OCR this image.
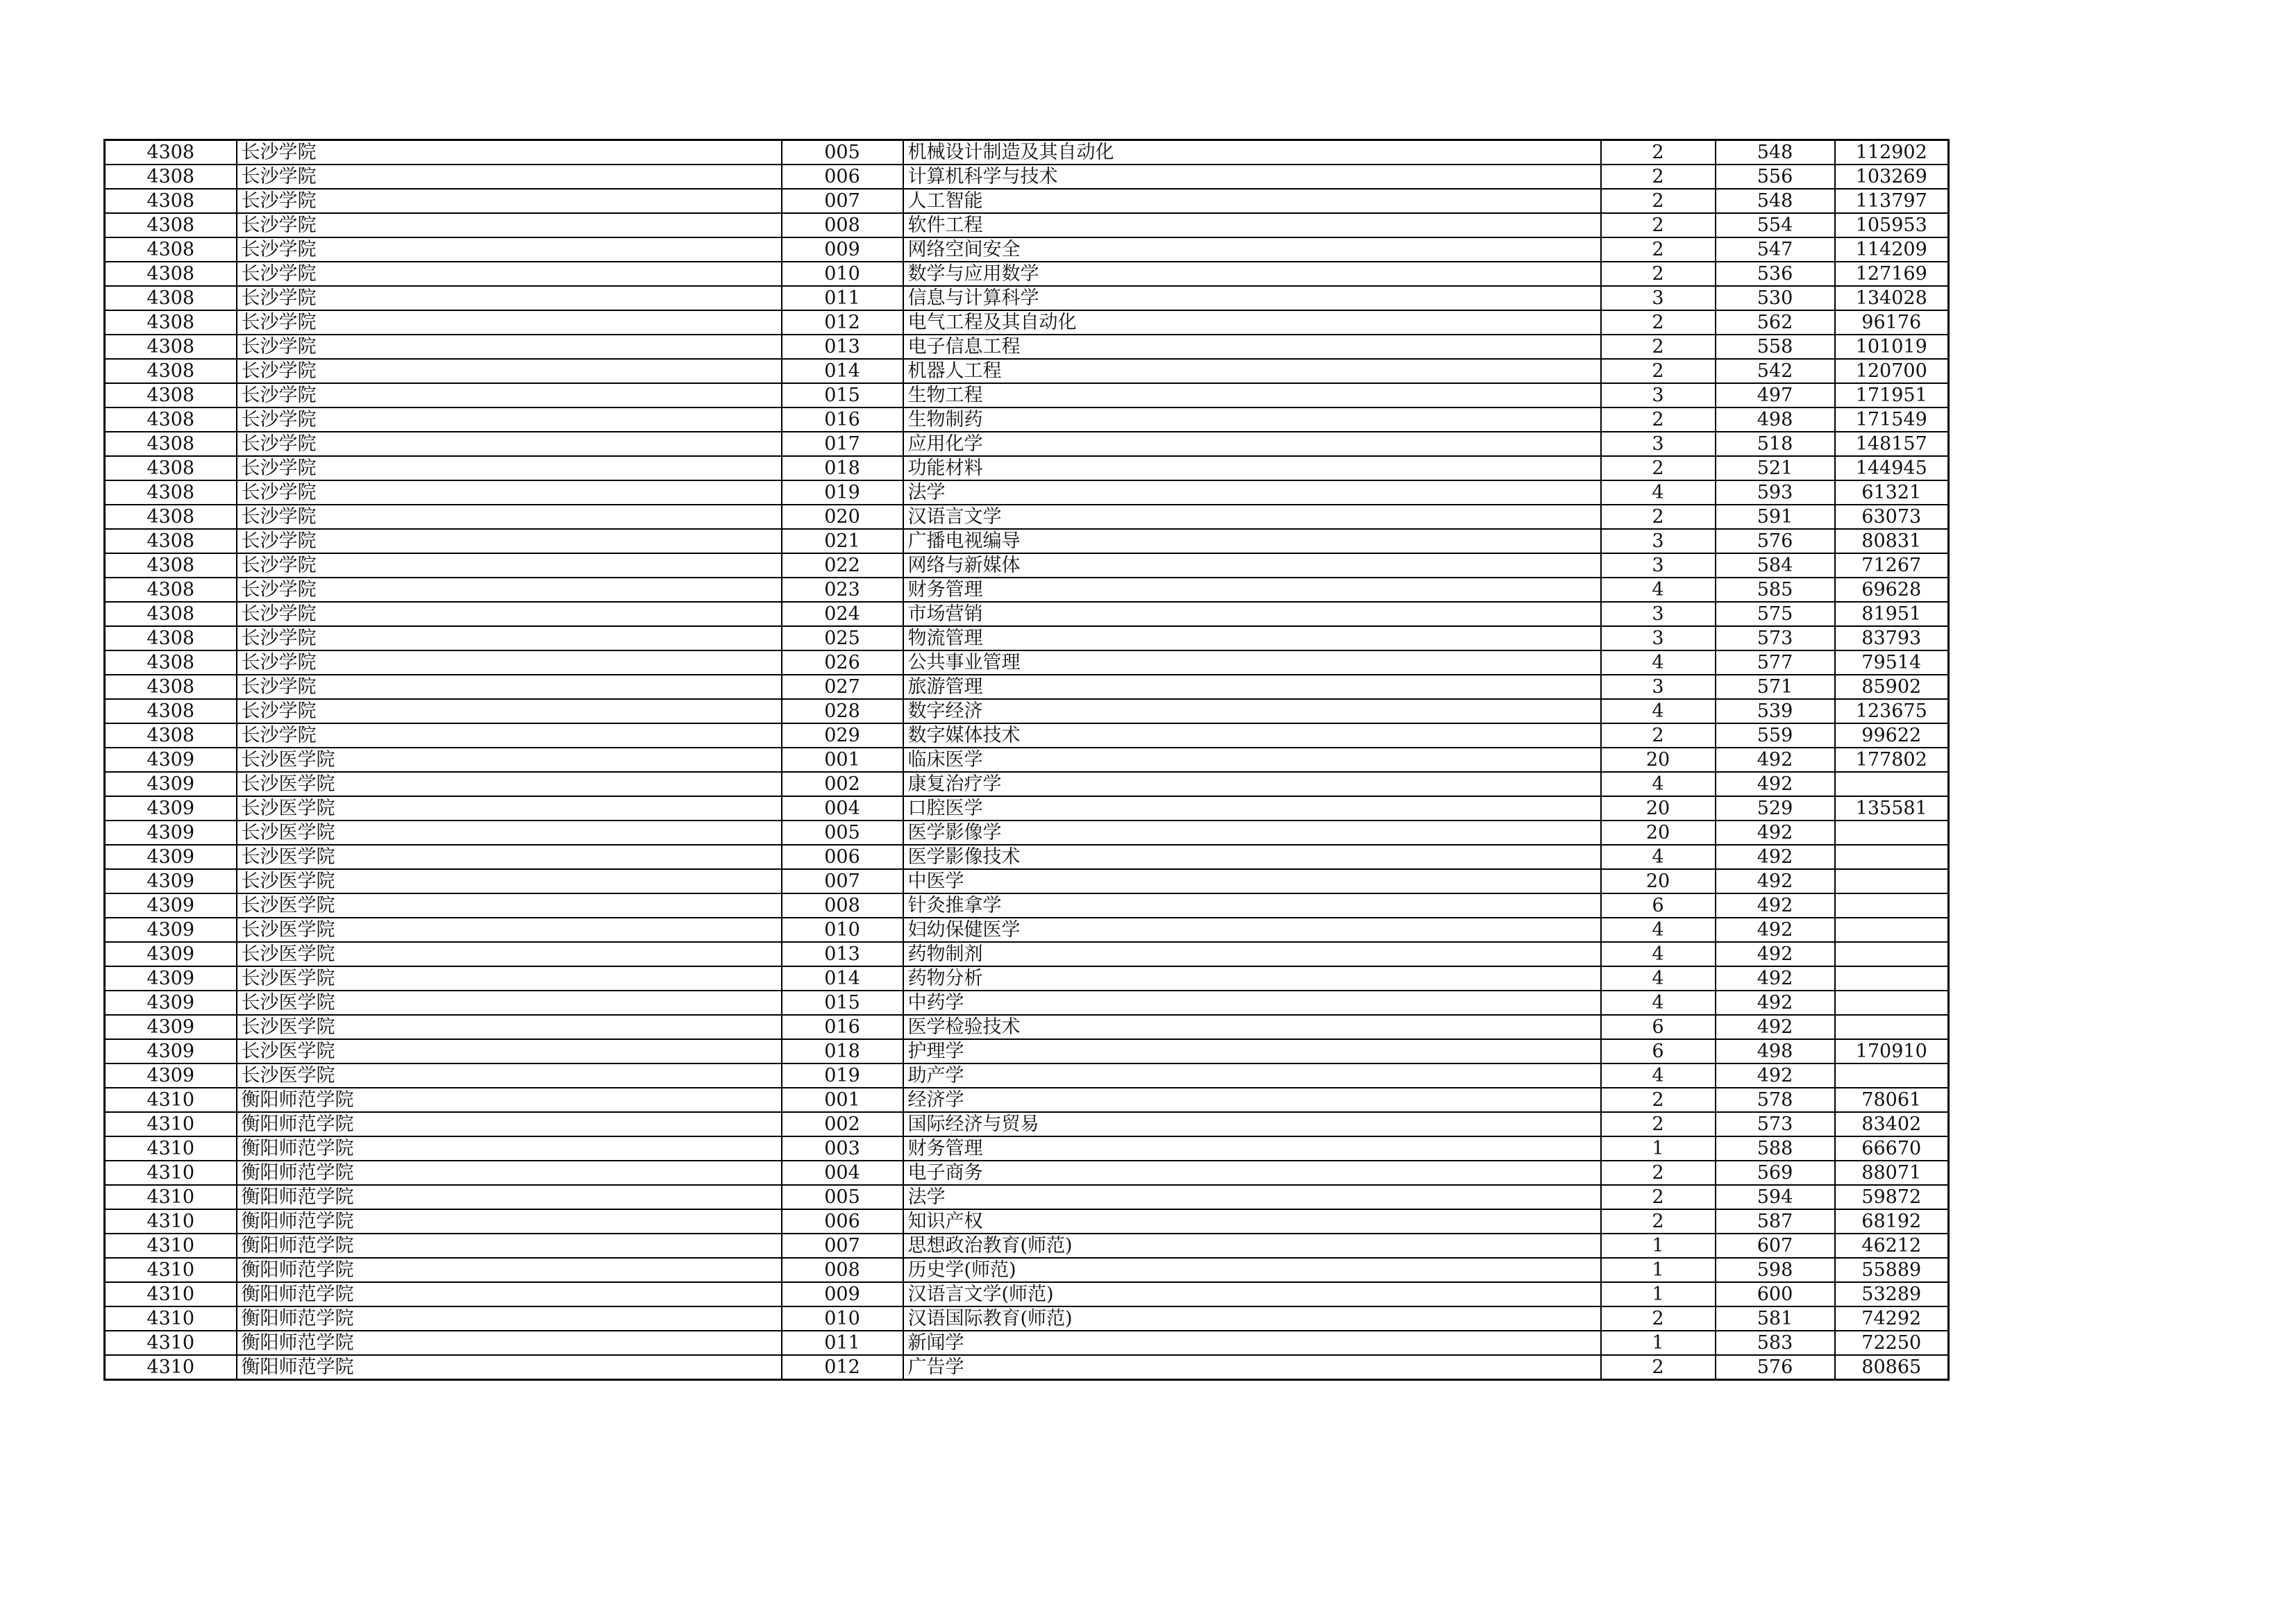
4308	长沙学院	005	机械设计制造及其自动化	2	548	112902
4308	长沙学院	006	计算机科学与技术	2	556	103269
4308	长沙学院	007	人工智能	2	548	113797
4308	长沙学院	008	软件工程	2	554	105953
4308	长沙学院	009	网络空间安全	2	547	114209
4308	长沙学院	010	数学与应用数学	2	536	127169
4308	长沙学院	011	信息与计算科学	3	530	134028
4308	长沙学院	012	电气工程及其自动化	2	562	96176
4308	长沙学院	013	电子信息工程	2	558	101019
4308	长沙学院	014	机器人工程	2	542	120700
4308	长沙学院	015	生物工程	3	497	171951
4308	长沙学院	016	生物制药	2	498	171549
4308	长沙学院	017	应用化学	3	518	148157
4308	长沙学院	018	功能材料	2	521	144945
4308	长沙学院	019	法学	4	593	61321
4308	长沙学院	020	汉语言文学	2	591	63073
4308	长沙学院	021	广播电视编导	3	576	80831
4308	长沙学院	022	网络与新媒体	3	584	71267
4308	长沙学院	023	财务管理	4	585	69628
4308	长沙学院	024	市场营销	3	575	81951
4308	长沙学院	025	物流管理	3	573	83793
4308	长沙学院	026	公共事业管理	4	577	79514
4308	长沙学院	027	旅游管理	3	571	85902
4308	长沙学院	028	数字经济	4	539	123675
4308	长沙学院	029	数字媒体技术	2	559	99622
4309	长沙医学院	001	临床医学	20	492	177802
4309	长沙医学院	002	康复治疗学	4	492	
4309	长沙医学院	004	口腔医学	20	529	135581
4309	长沙医学院	005	医学影像学	20	492	
4309	长沙医学院	006	医学影像技术	4	492	
4309	长沙医学院	007	中医学	20	492	
4309	长沙医学院	008	针灸推拿学	6	492	
4309	长沙医学院	010	妇幼保健医学	4	492	
4309	长沙医学院	013	药物制剂	4	492	
4309	长沙医学院	014	药物分析	4	492	
4309	长沙医学院	015	中药学	4	492	
4309	长沙医学院	016	医学检验技术	6	492	
4309	长沙医学院	018	护理学	6	498	170910
4309	长沙医学院	019	助产学	4	492	
4310	衡阳师范学院	001	经济学	2	578	78061
4310	衡阳师范学院	002	国际经济与贸易	2	573	83402
4310	衡阳师范学院	003	财务管理	1	588	66670
4310	衡阳师范学院	004	电子商务	2	569	88071
4310	衡阳师范学院	005	法学	2	594	59872
4310	衡阳师范学院	006	知识产权	2	587	68192
4310	衡阳师范学院	007	思想政治教育(师范)	1	607	46212
4310	衡阳师范学院	008	历史学(师范)	1	598	55889
4310	衡阳师范学院	009	汉语言文学(师范)	1	600	53289
4310	衡阳师范学院	010	汉语国际教育(师范)	2	581	74292
4310	衡阳师范学院	011	新闻学	1	583	72250
4310	衡阳师范学院	012	广告学	2	576	80865
